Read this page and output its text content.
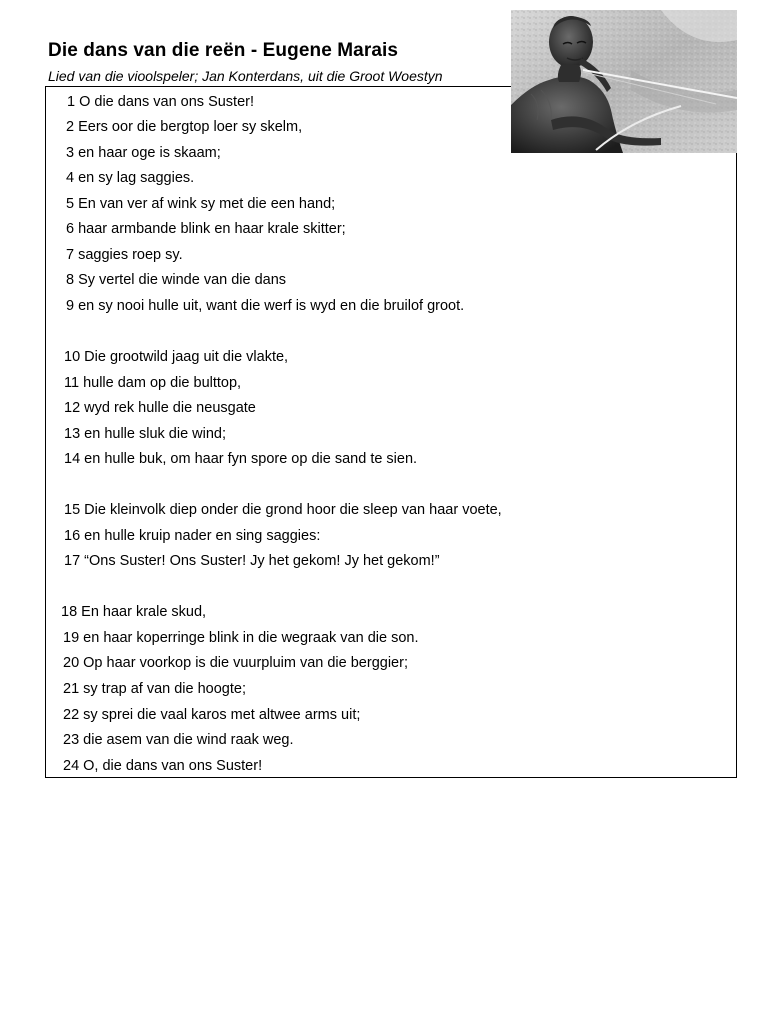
Die dans van die reën - Eugene Marais
Lied van die vioolspeler; Jan Konterdans, uit die Groot Woestyn
1 O die dans van ons Suster!
2 Eers oor die bergtop loer sy skelm,
3 en haar oge is skaam;
4 en sy lag saggies.
5 En van ver af wink sy met die een hand;
6 haar armbande blink en haar krale skitter;
7 saggies roep sy.
8 Sy vertel die winde van die dans
9 en sy nooi hulle uit, want die werf is wyd en die bruilof groot.
10 Die grootwild jaag uit die vlakte,
11 hulle dam op die bulttop,
12 wyd rek hulle die neusgate
13 en hulle sluk die wind;
14 en hulle buk, om haar fyn spore op die sand te sien.
15 Die kleinvolk diep onder die grond hoor die sleep van haar voete,
16 en hulle kruip nader en sing saggies:
17 “Ons Suster! Ons Suster! Jy het gekom! Jy het gekom!”
18 En haar krale skud,
19 en haar koperringe blink in die wegraak van die son.
20 Op haar voorkop is die vuurpluim van die berggier;
21 sy trap af van die hoogte;
22 sy sprei die vaal karos met altwee arms uit;
23 die asem van die wind raak weg.
24 O, die dans van ons Suster!
